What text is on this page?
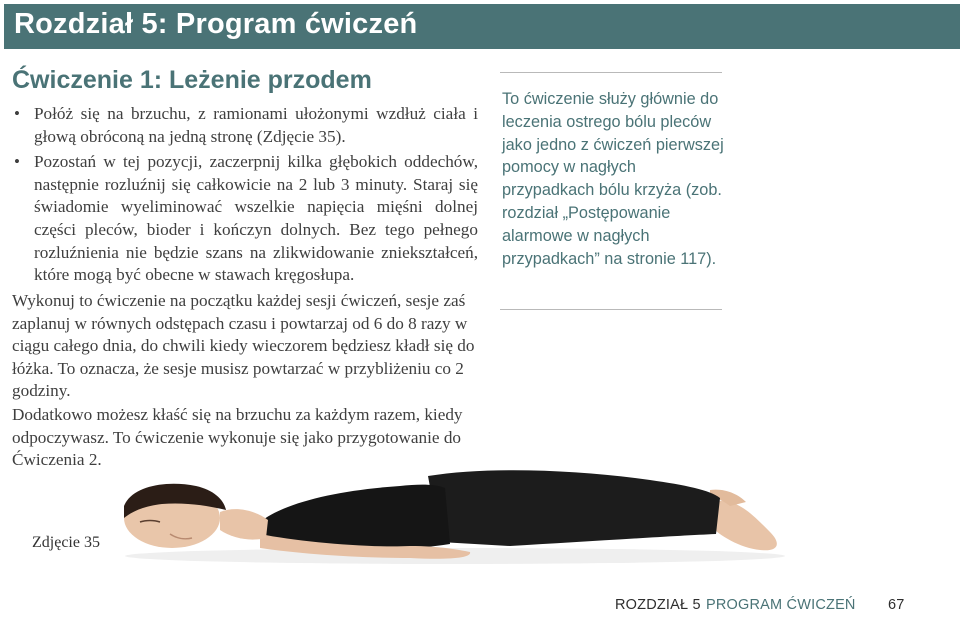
Rozdział 5: Program ćwiczeń
Ćwiczenie 1: Leżenie przodem
• Połóż się na brzuchu, z ramionami ułożonymi wzdłuż ciała i głową obróconą na jedną stronę (Zdjęcie 35).
• Pozostań w tej pozycji, zaczerpnij kilka głębokich oddechów, następnie rozluźnij się całkowicie na 2 lub 3 minuty. Staraj się świadomie wyeliminować wszelkie napięcia mięśni dolnej części pleców, bioder i kończyn dolnych. Bez tego pełnego rozluźnienia nie będzie szans na zlikwidowanie zniekształceń, które mogą być obecne w stawach kręgosłupa.

Wykonuj to ćwiczenie na początku każdej sesji ćwiczeń, sesje zaś zaplanuj w równych odstępach czasu i powtarzaj od 6 do 8 razy w ciągu całego dnia, do chwili kiedy wieczorem będziesz kładł się do łóżka. To oznacza, że sesje musisz powtarzać w przybliżeniu co 2 godziny.

Dodatkowo możesz kłaść się na brzuchu za każdym razem, kiedy odpoczywasz. To ćwiczenie wykonuje się jako przygotowanie do Ćwiczenia 2.

To ćwiczenie służy głównie do leczenia ostrego bólu pleców jako jedno z ćwiczeń pierwszej pomocy w nagłych przypadkach bólu krzyża (zob. rozdział „Postępowanie alarmowe w nagłych przypadkach” na stronie 117).

Zdjęcie 35
ROZDZIAŁ 5 PROGRAM ĆWICZEŃ 67
